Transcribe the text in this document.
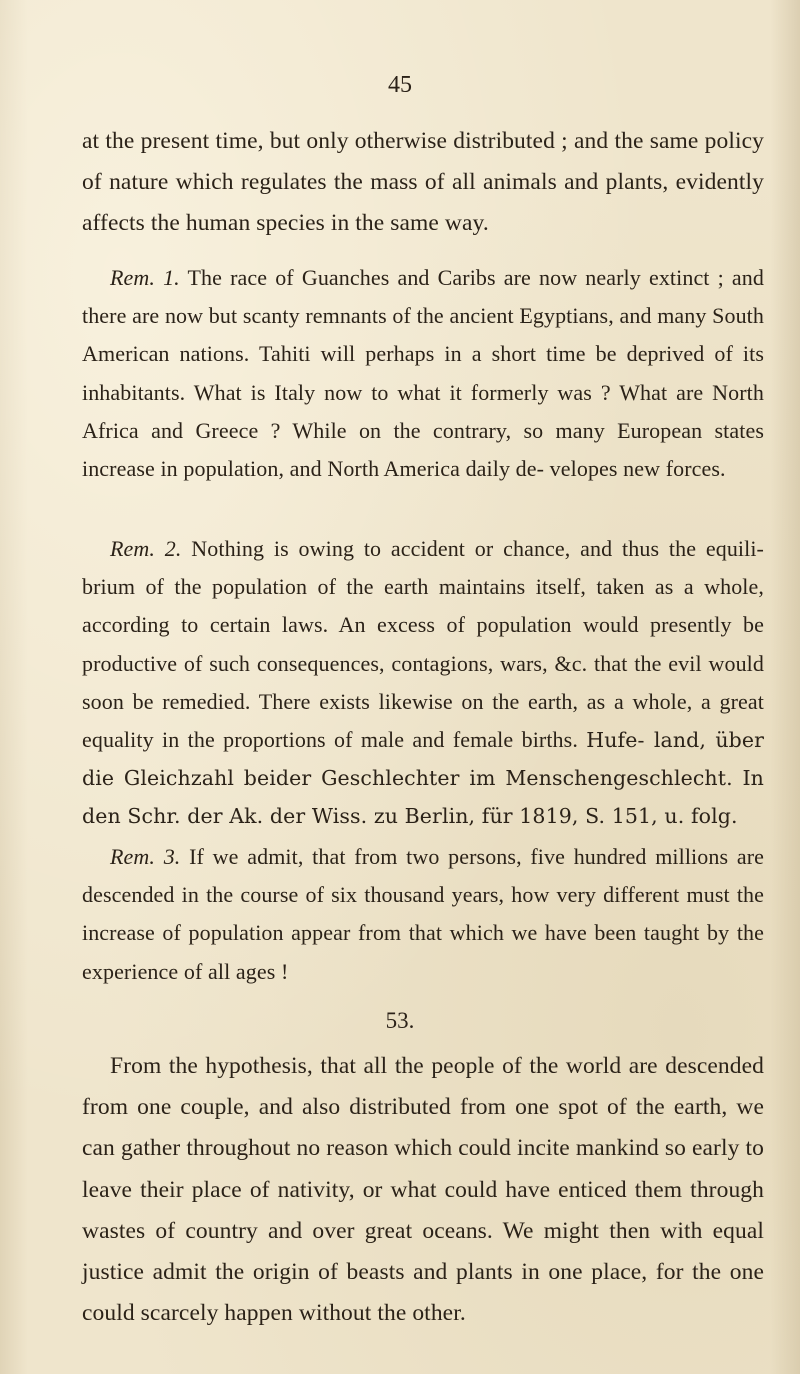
45

at the present time, but only otherwise distributed ; and the same policy of nature which regulates the mass of all animals and plants, evidently affects the human species in the same way.

Rem. 1. The race of Guanches and Caribs are now nearly extinct ; and there are now but scanty remnants of the ancient Egyptians, and many South American nations. Tahiti will perhaps in a short time be deprived of its inhabitants. What is Italy now to what it formerly was ? What are North Africa and Greece ? While on the contrary, so many European states increase in population, and North America daily de- velopes new forces.

Rem. 2. Nothing is owing to accident or chance, and thus the equili- brium of the population of the earth maintains itself, taken as a whole, according to certain laws. An excess of population would presently be productive of such consequences, contagions, wars, &c. that the evil would soon be remedied. There exists likewise on the earth, as a whole, a great equality in the proportions of male and female births. Hufe- land, über die Gleichzahl beider Geschlechter im Menschengeschlecht. In den Schr. der Ak. der Wiss. zu Berlin, für 1819, S. 151, u. folg.

Rem. 3. If we admit, that from two persons, five hundred millions are descended in the course of six thousand years, how very different must the increase of population appear from that which we have been taught by the experience of all ages !

From the hypothesis, that all the people of the world are descended from one couple, and also distributed from one spot of the earth, we can gather throughout no reason which could incite mankind so early to leave their place of nativity, or what could have enticed them through wastes of country and over great oceans. We might then with equal justice admit the origin of beasts and plants in one place, for the one could scarcely happen without the other.

53.
